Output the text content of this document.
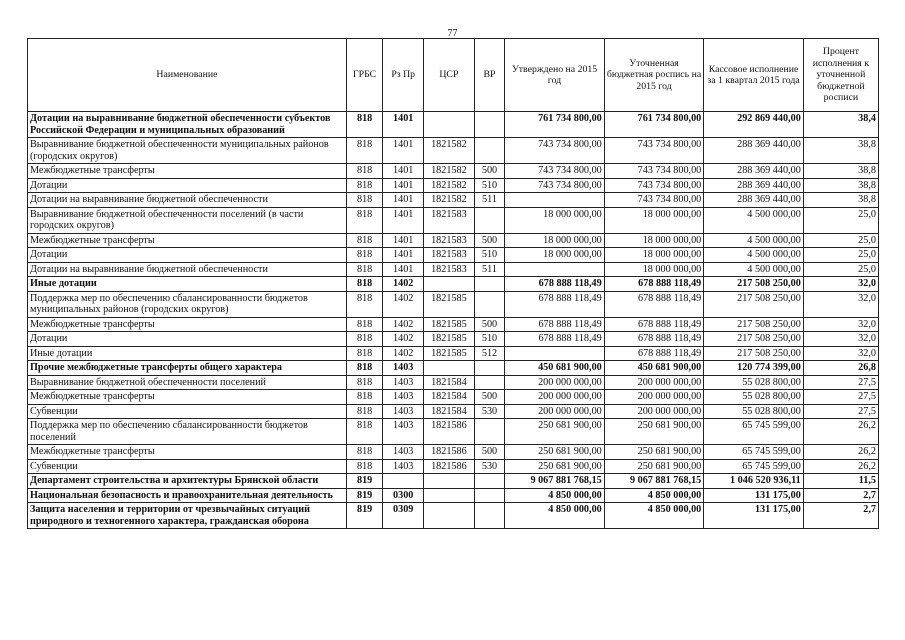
77
Наименование	ГРБС	Рз Пр	ЦСР	ВР	Утверждено на 2015 год	Уточненная бюджетная роспись на 2015 год	Кассовое исполнение за 1 квартал 2015 года	Процент исполнения к уточненной бюджетной росписи
Дотации на выравнивание бюджетной обеспеченности субъектов Российской Федерации и муниципальных образований	818	1401			761 734 800,00	761 734 800,00	292 869 440,00	38,4
Выравнивание бюджетной обеспеченности муниципальных районов (городских округов)	818	1401	1821582		743 734 800,00	743 734 800,00	288 369 440,00	38,8
Межбюджетные трансферты	818	1401	1821582	500	743 734 800,00	743 734 800,00	288 369 440,00	38,8
Дотации	818	1401	1821582	510	743 734 800,00	743 734 800,00	288 369 440,00	38,8
Дотации на выравнивание бюджетной обеспеченности	818	1401	1821582	511		743 734 800,00	288 369 440,00	38,8
Выравнивание бюджетной обеспеченности поселений (в части городских округов)	818	1401	1821583		18 000 000,00	18 000 000,00	4 500 000,00	25,0
Межбюджетные трансферты	818	1401	1821583	500	18 000 000,00	18 000 000,00	4 500 000,00	25,0
Дотации	818	1401	1821583	510	18 000 000,00	18 000 000,00	4 500 000,00	25,0
Дотации на выравнивание бюджетной обеспеченности	818	1401	1821583	511		18 000 000,00	4 500 000,00	25,0
Иные дотации	818	1402			678 888 118,49	678 888 118,49	217 508 250,00	32,0
Поддержка мер по обеспечению сбалансированности бюджетов муниципальных районов (городских округов)	818	1402	1821585		678 888 118,49	678 888 118,49	217 508 250,00	32,0
Межбюджетные трансферты	818	1402	1821585	500	678 888 118,49	678 888 118,49	217 508 250,00	32,0
Дотации	818	1402	1821585	510	678 888 118,49	678 888 118,49	217 508 250,00	32,0
Иные дотации	818	1402	1821585	512		678 888 118,49	217 508 250,00	32,0
Прочие межбюджетные трансферты общего характера	818	1403			450 681 900,00	450 681 900,00	120 774 399,00	26,8
Выравнивание бюджетной обеспеченности поселений	818	1403	1821584		200 000 000,00	200 000 000,00	55 028 800,00	27,5
Межбюджетные трансферты	818	1403	1821584	500	200 000 000,00	200 000 000,00	55 028 800,00	27,5
Субвенции	818	1403	1821584	530	200 000 000,00	200 000 000,00	55 028 800,00	27,5
Поддержка мер по обеспечению сбалансированности бюджетов поселений	818	1403	1821586		250 681 900,00	250 681 900,00	65 745 599,00	26,2
Межбюджетные трансферты	818	1403	1821586	500	250 681 900,00	250 681 900,00	65 745 599,00	26,2
Субвенции	818	1403	1821586	530	250 681 900,00	250 681 900,00	65 745 599,00	26,2
Департамент строительства и архитектуры Брянской области	819				9 067 881 768,15	9 067 881 768,15	1 046 520 936,11	11,5
Национальная безопасность и правоохранительная деятельность	819	0300			4 850 000,00	4 850 000,00	131 175,00	2,7
Защита населения и территории от чрезвычайных ситуаций природного и техногенного характера, гражданская оборона	819	0309			4 850 000,00	4 850 000,00	131 175,00	2,7
